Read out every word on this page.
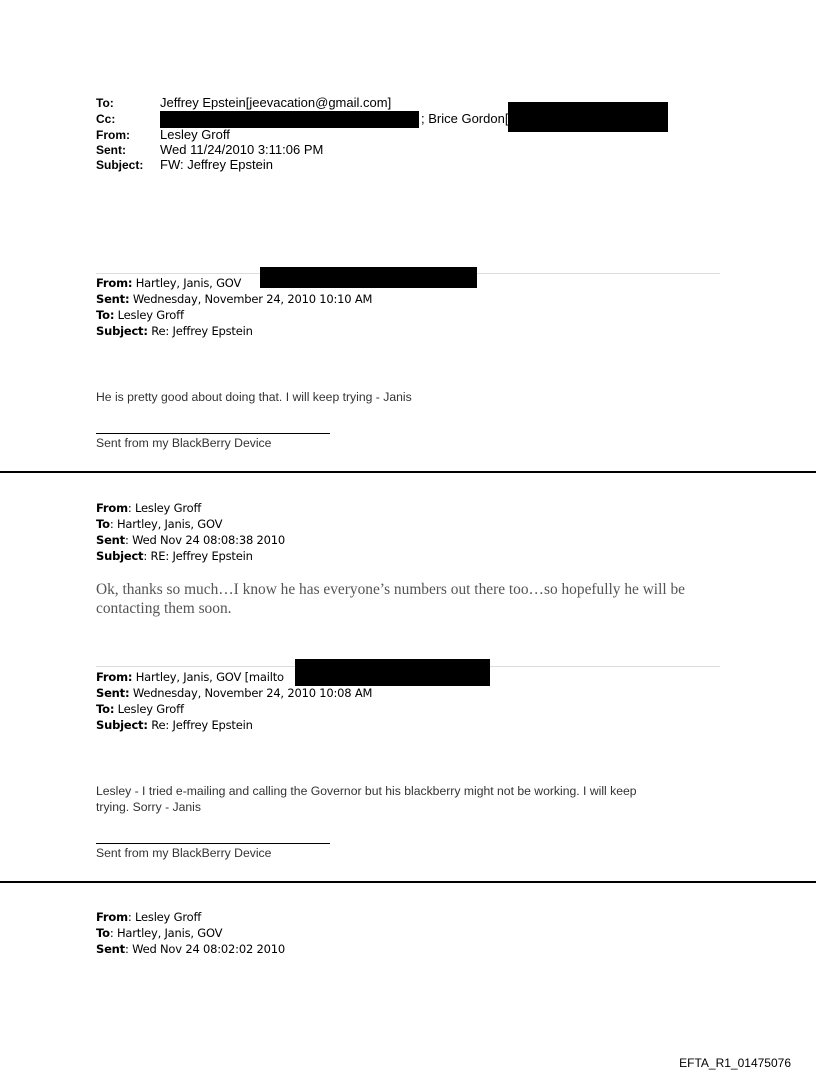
To:	Jeffrey Epstein[jeevacation@gmail.com]
Cc:	; Brice Gordon[
From: Lesley Groff
Sent:	Wed 11/24/2010 3:11:06 PM
Subject: FW: Jeffrey Epstein
From: Hartley, Janis, GOV
Sent: Wednesday, November 24, 2010 10:10 AM
To: Lesley Groff
Subject: Re: Jeffrey Epstein
He is pretty good about doing that. I will keep trying - Janis
Sent from my BlackBerry Device
From: Lesley Groff
To: Hartley, Janis, GOV
Sent: Wed Nov 24 08:08:38 2010
Subject: RE: Jeffrey Epstein
Ok, thanks so much…I know he has everyone’s numbers out there too…so hopefully he will be
contacting them soon.
From: Hartley, Janis, GOV [mailto
Sent: Wednesday, November 24, 2010 10:08 AM
To: Lesley Groff
Subject: Re: Jeffrey Epstein
Lesley - I tried e-mailing and calling the Governor but his blackberry might not be working. I will keep
trying. Sorry - Janis
Sent from my BlackBerry Device
From: Lesley Groff
To: Hartley, Janis, GOV
Sent: Wed Nov 24 08:02:02 2010
EFTA_R1_01475076
